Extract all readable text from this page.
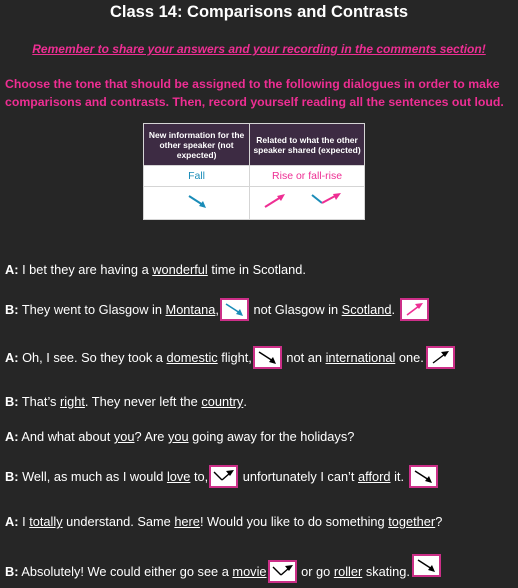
Class 14: Comparisons and Contrasts
Remember to share your answers and your recording in the comments section!
Choose the tone that should be assigned to the following dialogues in order to make comparisons and contrasts. Then, record yourself reading all the sentences out loud.
New information for the other speaker (not expected)	Related to what the other speaker shared (expected)
Fall	Rise or fall-rise

A: I bet they are having a wonderful time in Scotland.
B: They went to Glasgow in Montana , not Glasgow in Scotland .
A: Oh, I see. So they took a domestic flight, not an international one.
B: That’s right . They never left the country .
A: And what about you ? Are you going away for the holidays?
B: Well, as much as I would love to, unfortunately I can’t afford it.
A: I totally understand. Same here ! Would you like to do something together ?
B: Absolutely! We could either go see a movie or go roller skating.
